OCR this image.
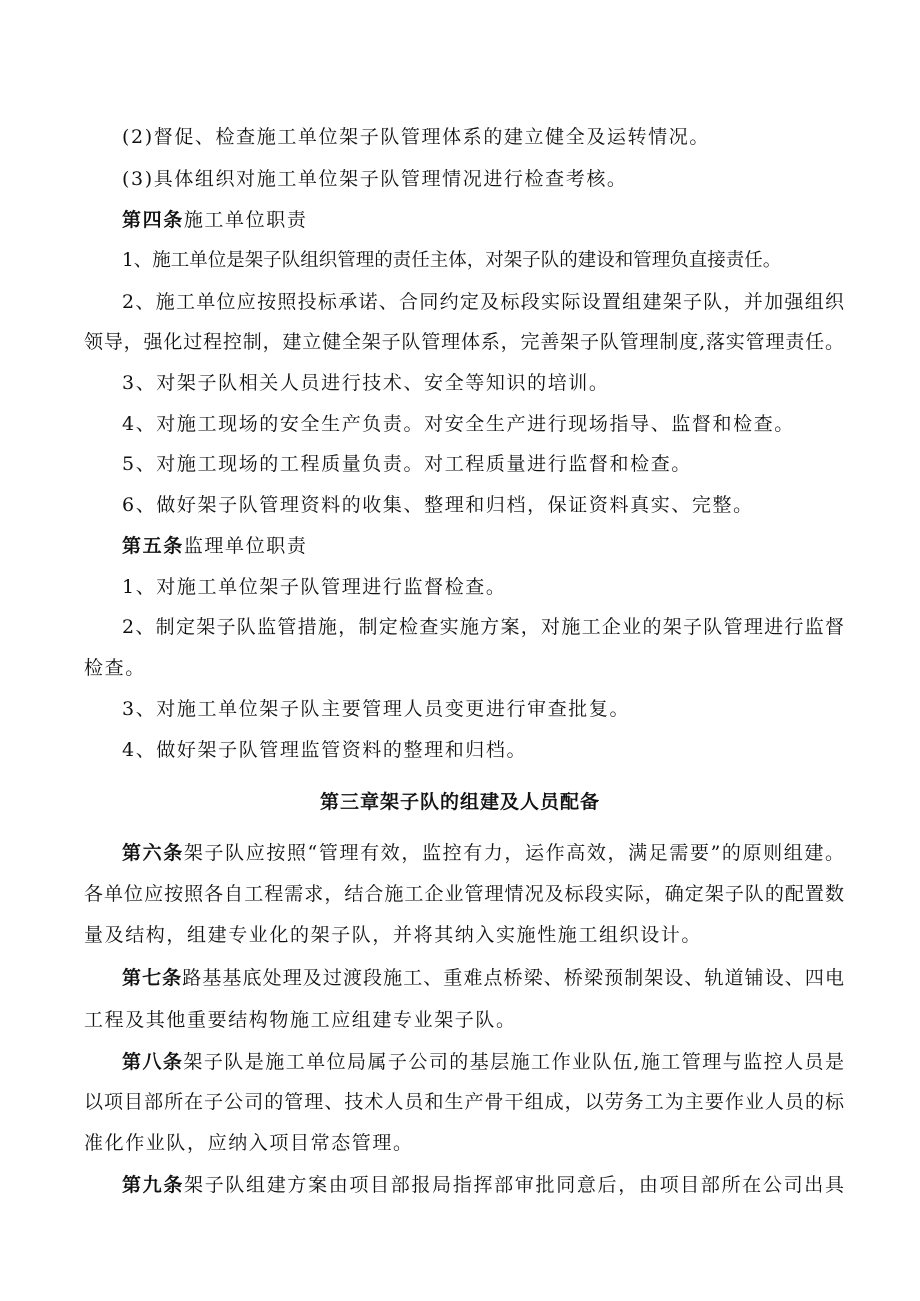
(2)督促、检查施工单位架子队管理体系的建立健全及运转情况。
(3)具体组织对施工单位架子队管理情况进行检查考核。
第四条施工单位职责
1、施工单位是架子队组织管理的责任主体，对架子队的建设和管理负直接责任。
2、施工单位应按照投标承诺、合同约定及标段实际设置组建架子队，并加强组织
领导，强化过程控制，建立健全架子队管理体系，完善架子队管理制度,落实管理责任。
3、对架子队相关人员进行技术、安全等知识的培训。
4、对施工现场的安全生产负责。对安全生产进行现场指导、监督和检查。
5、对施工现场的工程质量负责。对工程质量进行监督和检查。
6、做好架子队管理资料的收集、整理和归档，保证资料真实、完整。
第五条监理单位职责
1、对施工单位架子队管理进行监督检查。
2、制定架子队监管措施，制定检查实施方案，对施工企业的架子队管理进行监督
检查。
3、对施工单位架子队主要管理人员变更进行审查批复。
4、做好架子队管理监管资料的整理和归档。
第三章架子队的组建及人员配备
第六条架子队应按照“管理有效，监控有力，运作高效，满足需要”的原则组建。
各单位应按照各自工程需求，结合施工企业管理情况及标段实际，确定架子队的配置数
量及结构，组建专业化的架子队，并将其纳入实施性施工组织设计。
第七条路基基底处理及过渡段施工、重难点桥梁、桥梁预制架设、轨道铺设、四电
工程及其他重要结构物施工应组建专业架子队。
第八条架子队是施工单位局属子公司的基层施工作业队伍,施工管理与监控人员是
以项目部所在子公司的管理、技术人员和生产骨干组成，以劳务工为主要作业人员的标
准化作业队，应纳入项目常态管理。
第九条架子队组建方案由项目部报局指挥部审批同意后，由项目部所在公司出具
